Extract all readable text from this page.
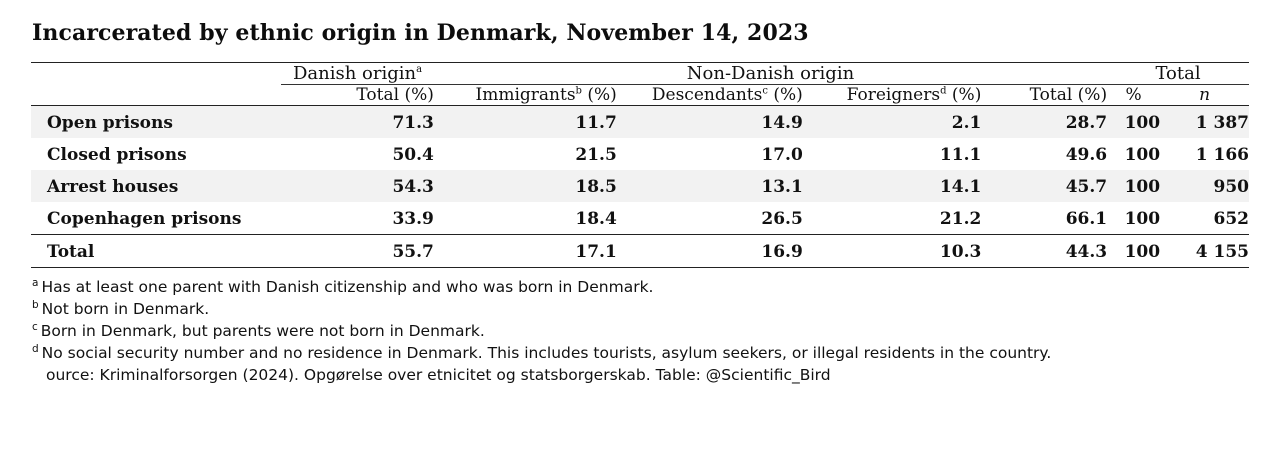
Incarcerated by ethnic origin in Denmark, November 14, 2023

	Danish origin$^a$	Non-Danish origin				Total	
	Total (%)	Immigrants$^b$ (%)	Descendants$^c$ (%)	Foreigners$^d$ (%)	Total (%)	%	n

Open prisons	71.3	11.7	14.9	2.1	28.7	100	1 387
Closed prisons	50.4	21.5	17.0	11.1	49.6	100	1 166
Arrest houses	54.3	18.5	13.1	14.1	45.7	100	950
Copenhagen prisons	33.9	18.4	26.5	21.2	66.1	100	652

Total	55.7	17.1	16.9	10.3	44.3	100	4 155

$^a$ Has at least one parent with Danish citizenship and who was born in Denmark.
$^b$ Not born in Denmark.
$^c$ Born in Denmark, but parents were not born in Denmark.
$^d$ No social security number and no residence in Denmark. This includes tourists, asylum seekers, or illegal residents in the country.
ource: Kriminalforsorgen (2024). Opgørelse over etnicitet og statsborgerskab. Table: @Scientific_Bird
